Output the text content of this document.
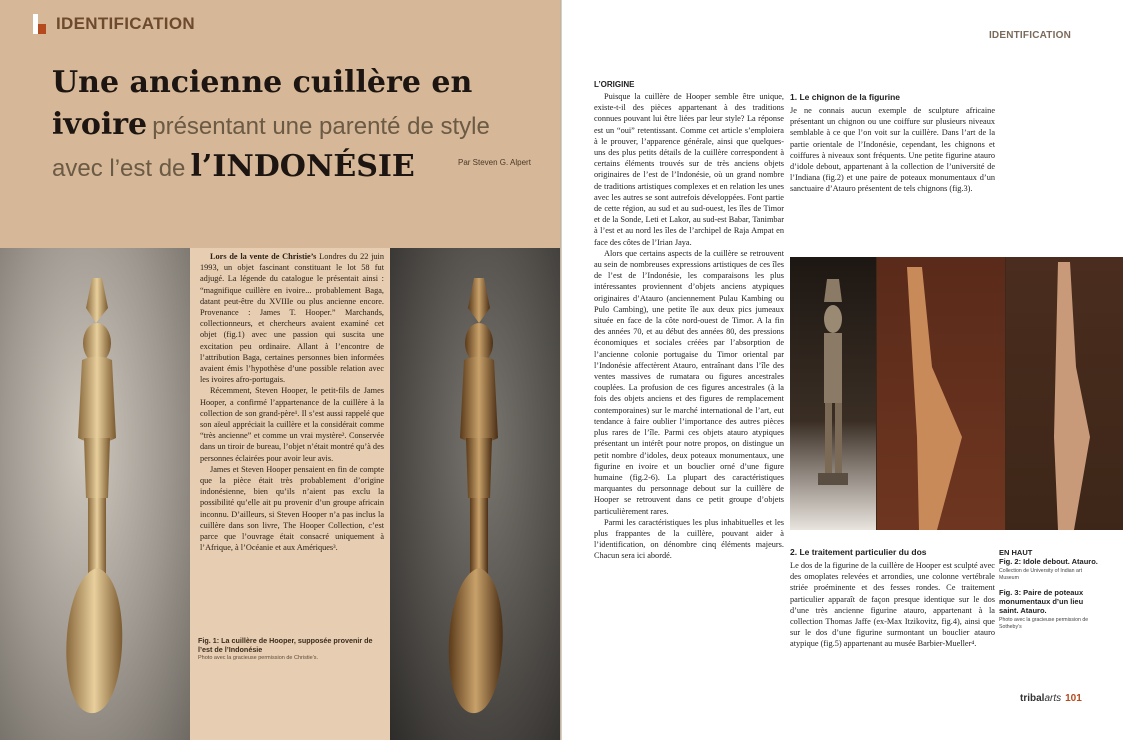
IDENTIFICATION
Une ancienne cuillère en
ivoire présentant une parenté de style
avec l’est de l’INDONÉSIE	Par Steven G. Alpert

Lors de la vente de Christie’s Londres du 22 juin 1993, un objet fascinant constituant le lot 58 fut adjugé. La légende du catalogue le présentait ainsi : “magnifique cuillère en ivoire... probablement Baga, datant peut-être du XVIIIe ou plus ancienne encore. Provenance : James T. Hooper.” Marchands, collectionneurs, et chercheurs avaient examiné cet objet (fig.1) avec une passion qui suscita une excitation peu ordinaire. Allant à l’encontre de l’attribution Baga, certaines personnes bien informées avaient émis l’hypothèse d’une possible relation avec les ivoires afro-portugais.

Récemment, Steven Hooper, le petit-fils de James Hooper, a confirmé l’appartenance de la cuillère à la collection de son grand-père¹. Il s’est aussi rappelé que son aïeul appréciait la cuillère et la considérait comme “très ancienne” et comme un vrai mystère². Conservée dans un tiroir de bureau, l’objet n’était montré qu’à des personnes éclairées pour avoir leur avis.

James et Steven Hooper pensaient en fin de compte que la pièce était très probablement d’origine indonésienne, bien qu’ils n’aient pas exclu la possibilité qu’elle ait pu provenir d’un groupe africain inconnu. D’ailleurs, si Steven Hooper n’a pas inclus la cuillère dans son livre, The Hooper Collection, c’est parce que l’ouvrage était consacré uniquement à l’Afrique, à l’Océanie et aux Amériques³.

Fig. 1: La cuillère de Hooper, supposée provenir de l’est de l’Indonésie
Photo avec la gracieuse permission de Christie’s.
IDENTIFICATION
L’ORIGINE

Puisque la cuillère de Hooper semble être unique, existe-t-il des pièces appartenant à des traditions connues pouvant lui être liées par leur style? La réponse est un “oui” retentissant. Comme cet article s’emploiera à le prouver, l’apparence générale, ainsi que quelques-uns des plus petits détails de la cuillère correspondent à certains éléments trouvés sur de très anciens objets originaires de l’est de l’Indonésie, où un grand nombre de traditions artistiques complexes et en relation les unes avec les autres se sont autrefois développées. Font partie de cette région, au sud et au sud-ouest, les îles de Timor et de la Sonde, Leti et Lakor, au sud-est Babar, Tanimbar à l’est et au nord les îles de l’archipel de Raja Ampat en face des côtes de l’Irian Jaya.

Alors que certains aspects de la cuillère se retrouvent au sein de nombreuses expressions artistiques de ces îles de l’est de l’Indonésie, les comparaisons les plus intéressantes proviennent d’objets anciens atypiques originaires d’Atauro (anciennement Pulau Kambing ou Pulo Cambing), une petite île aux deux pics jumeaux située en face de la côte nord-ouest de Timor. A la fin des années 70, et au début des années 80, des pressions économiques et sociales créées par l’absorption de l’ancienne colonie portugaise du Timor oriental par l’Indonésie affectèrent Atauro, entraînant dans l’île des ventes massives de rumatara ou figures ancestrales couplées. La profusion de ces figures ancestrales (à la fois des objets anciens et des figures de remplacement contemporaines) sur le marché international de l’art, eut tendance à faire oublier l’importance des autres pièces plus rares de l’île. Parmi ces objets atauro atypiques présentant un intérêt pour notre propos, on distingue un petit nombre d’idoles, deux poteaux monumentaux, une figurine en ivoire et un bouclier orné d’une figure humaine (fig.2-6). La plupart des caractéristiques marquantes du personnage debout sur la cuillère de Hooper se retrouvent dans ce petit groupe d’objets particulièrement rares.

Parmi les caractéristiques les plus inhabituelles et les plus frappantes de la cuillère, pouvant aider à l’identification, on dénombre cinq éléments majeurs. Chacun sera ici abordé.

1. Le chignon de la figurine
Je ne connais aucun exemple de sculpture africaine présentant un chignon ou une coiffure sur plusieurs niveaux semblable à ce que l’on voit sur la cuillère. Dans l’art de la partie orientale de l’Indonésie, cependant, les chignons et coiffures à niveaux sont fréquents. Une petite figurine atauro d’idole debout, appartenant à la collection de l’université de l’Indiana (fig.2) et une paire de poteaux monumentaux d’un sanctuaire d’Atauro présentent de tels chignons (fig.3).
2. Le traitement particulier du dos
Le dos de la figurine de la cuillère de Hooper est sculpté avec des omoplates relevées et arrondies, une colonne vertébrale striée proéminente et des fesses rondes. Ce traitement particulier apparaît de façon presque identique sur le dos d’une très ancienne figurine atauro, appartenant à la collection Thomas Jaffe (ex-Max Itzikovitz, fig.4), ainsi que sur le dos d’une figurine surmontant un bouclier atauro atypique (fig.5) appartenant au musée Barbier-Mueller⁴.
EN HAUT
Fig. 2: Idole debout. Atauro.
Collection de University of Indian art Museum
Fig. 3: Paire de poteaux monumentaux d’un lieu saint. Atauro.
Photo avec la gracieuse permission de Sotheby’s
tribalarts 101
